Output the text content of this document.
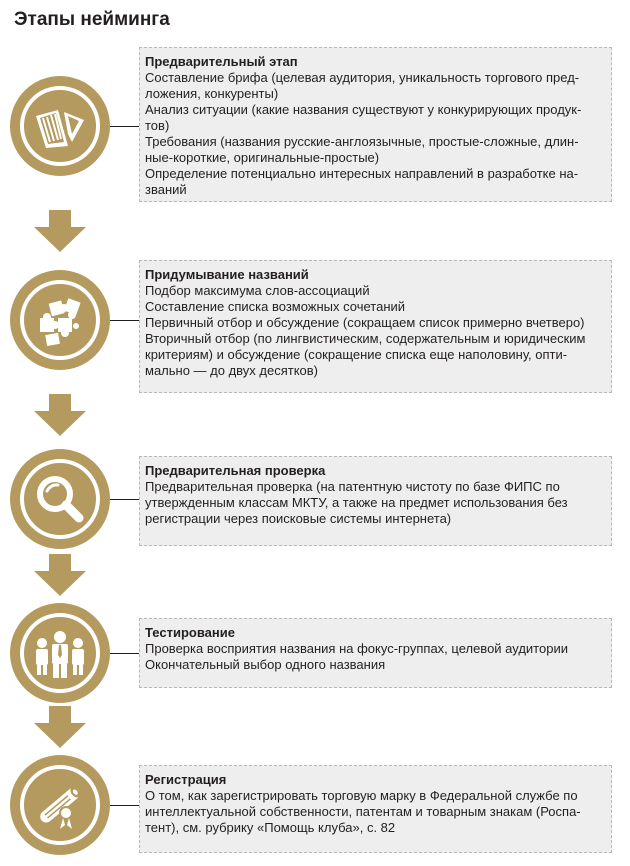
Этапы нейминга

Предварительный этап

Составление брифа (целевая аудитория, уникальность торгового пред-

ложения, конкуренты)

Анализ ситуации (какие названия существуют у конкурирующих продук-

тов)

Требования (названия русские-англоязычные, простые-сложные, длин-

ные-короткие, оригинальные-простые)

Определение потенциально интересных направлений в разработке на-

званий

Придумывание названий

Подбор максимума слов-ассоциаций

Составление списка возможных сочетаний

Первичный отбор и обсуждение (сокращаем список примерно вчетверо)

Вторичный отбор (по лингвистическим, содержательным и юридическим

критериям) и обсуждение (сокращение списка еще наполовину, опти-

мально — до двух десятков)

Предварительная проверка

Предварительная проверка (на патентную чистоту по базе ФИПС по

утвержденным классам МКТУ, а также на предмет использования без

регистрации через поисковые системы интернета)

Тестирование

Проверка восприятия названия на фокус-группах, целевой аудитории

Окончательный выбор одного названия

Регистрация

О том, как зарегистрировать торговую марку в Федеральной службе по

интеллектуальной собственности, патентам и товарным знакам (Роспа-

тент), см. рубрику «Помощь клуба», с. 82
